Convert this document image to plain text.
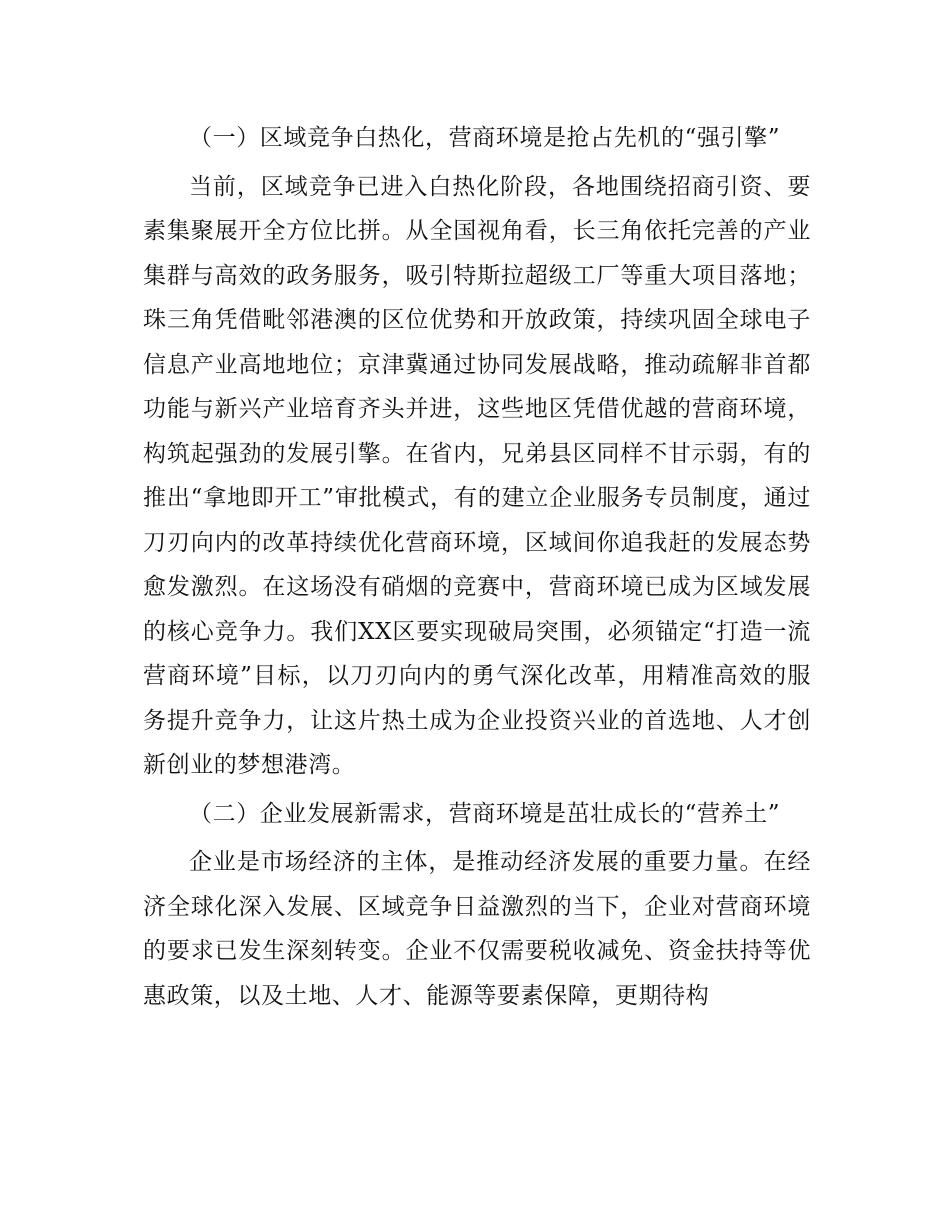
（一）区域竞争白热化，营商环境是抢占先机的“强引擎”

当前，区域竞争已进入白热化阶段，各地围绕招商引资、要素集聚展开全方位比拼。从全国视角看，长三角依托完善的产业集群与高效的政务服务，吸引特斯拉超级工厂等重大项目落地；珠三角凭借毗邻港澳的区位优势和开放政策，持续巩固全球电子信息产业高地地位；京津冀通过协同发展战略，推动疏解非首都功能与新兴产业培育齐头并进，这些地区凭借优越的营商环境，构筑起强劲的发展引擎。在省内，兄弟县区同样不甘示弱，有的推出“拿地即开工”审批模式，有的建立企业服务专员制度，通过刀刃向内的改革持续优化营商环境，区域间你追我赶的发展态势愈发激烈。在这场没有硝烟的竞赛中，营商环境已成为区域发展的核心竞争力。我们XX区要实现破局突围，必须锚定“打造一流营商环境”目标，以刀刃向内的勇气深化改革，用精准高效的服务提升竞争力，让这片热土成为企业投资兴业的首选地、人才创新创业的梦想港湾。

（二）企业发展新需求，营商环境是茁壮成长的“营养土”

企业是市场经济的主体，是推动经济发展的重要力量。在经济全球化深入发展、区域竞争日益激烈的当下，企业对营商环境的要求已发生深刻转变。企业不仅需要税收减免、资金扶持等优惠政策，以及土地、人才、能源等要素保障，更期待构
